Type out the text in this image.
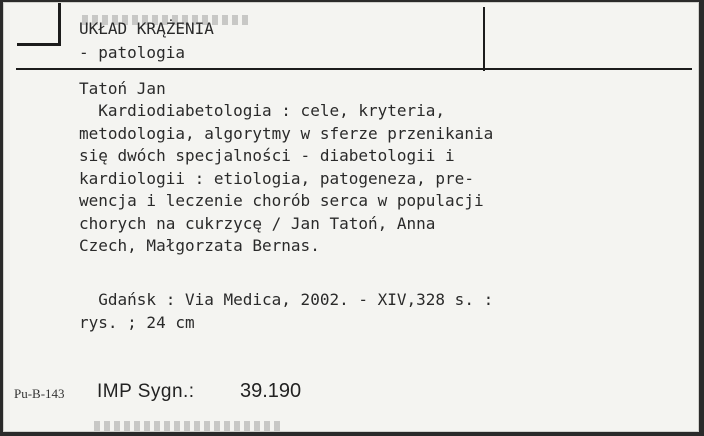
UKŁAD KRĄŻENIA
- patologia
Tatoń Jan
Kardiodiabetologia : cele, kryteria,
metodologia, algorytmy w sferze przenikania
się dwóch specjalności - diabetologii i
kardiologii : etiologia, patogeneza, pre-
wencja i leczenie chorób serca w populacji
chorych na cukrzycę / Jan Tatoń, Anna
Czech, Małgorzata Bernas.
Gdańsk : Via Medica, 2002. - XIV,328 s. :
rys. ; 24 cm
Pu-B-143 IMP Sygn.: 39.190
